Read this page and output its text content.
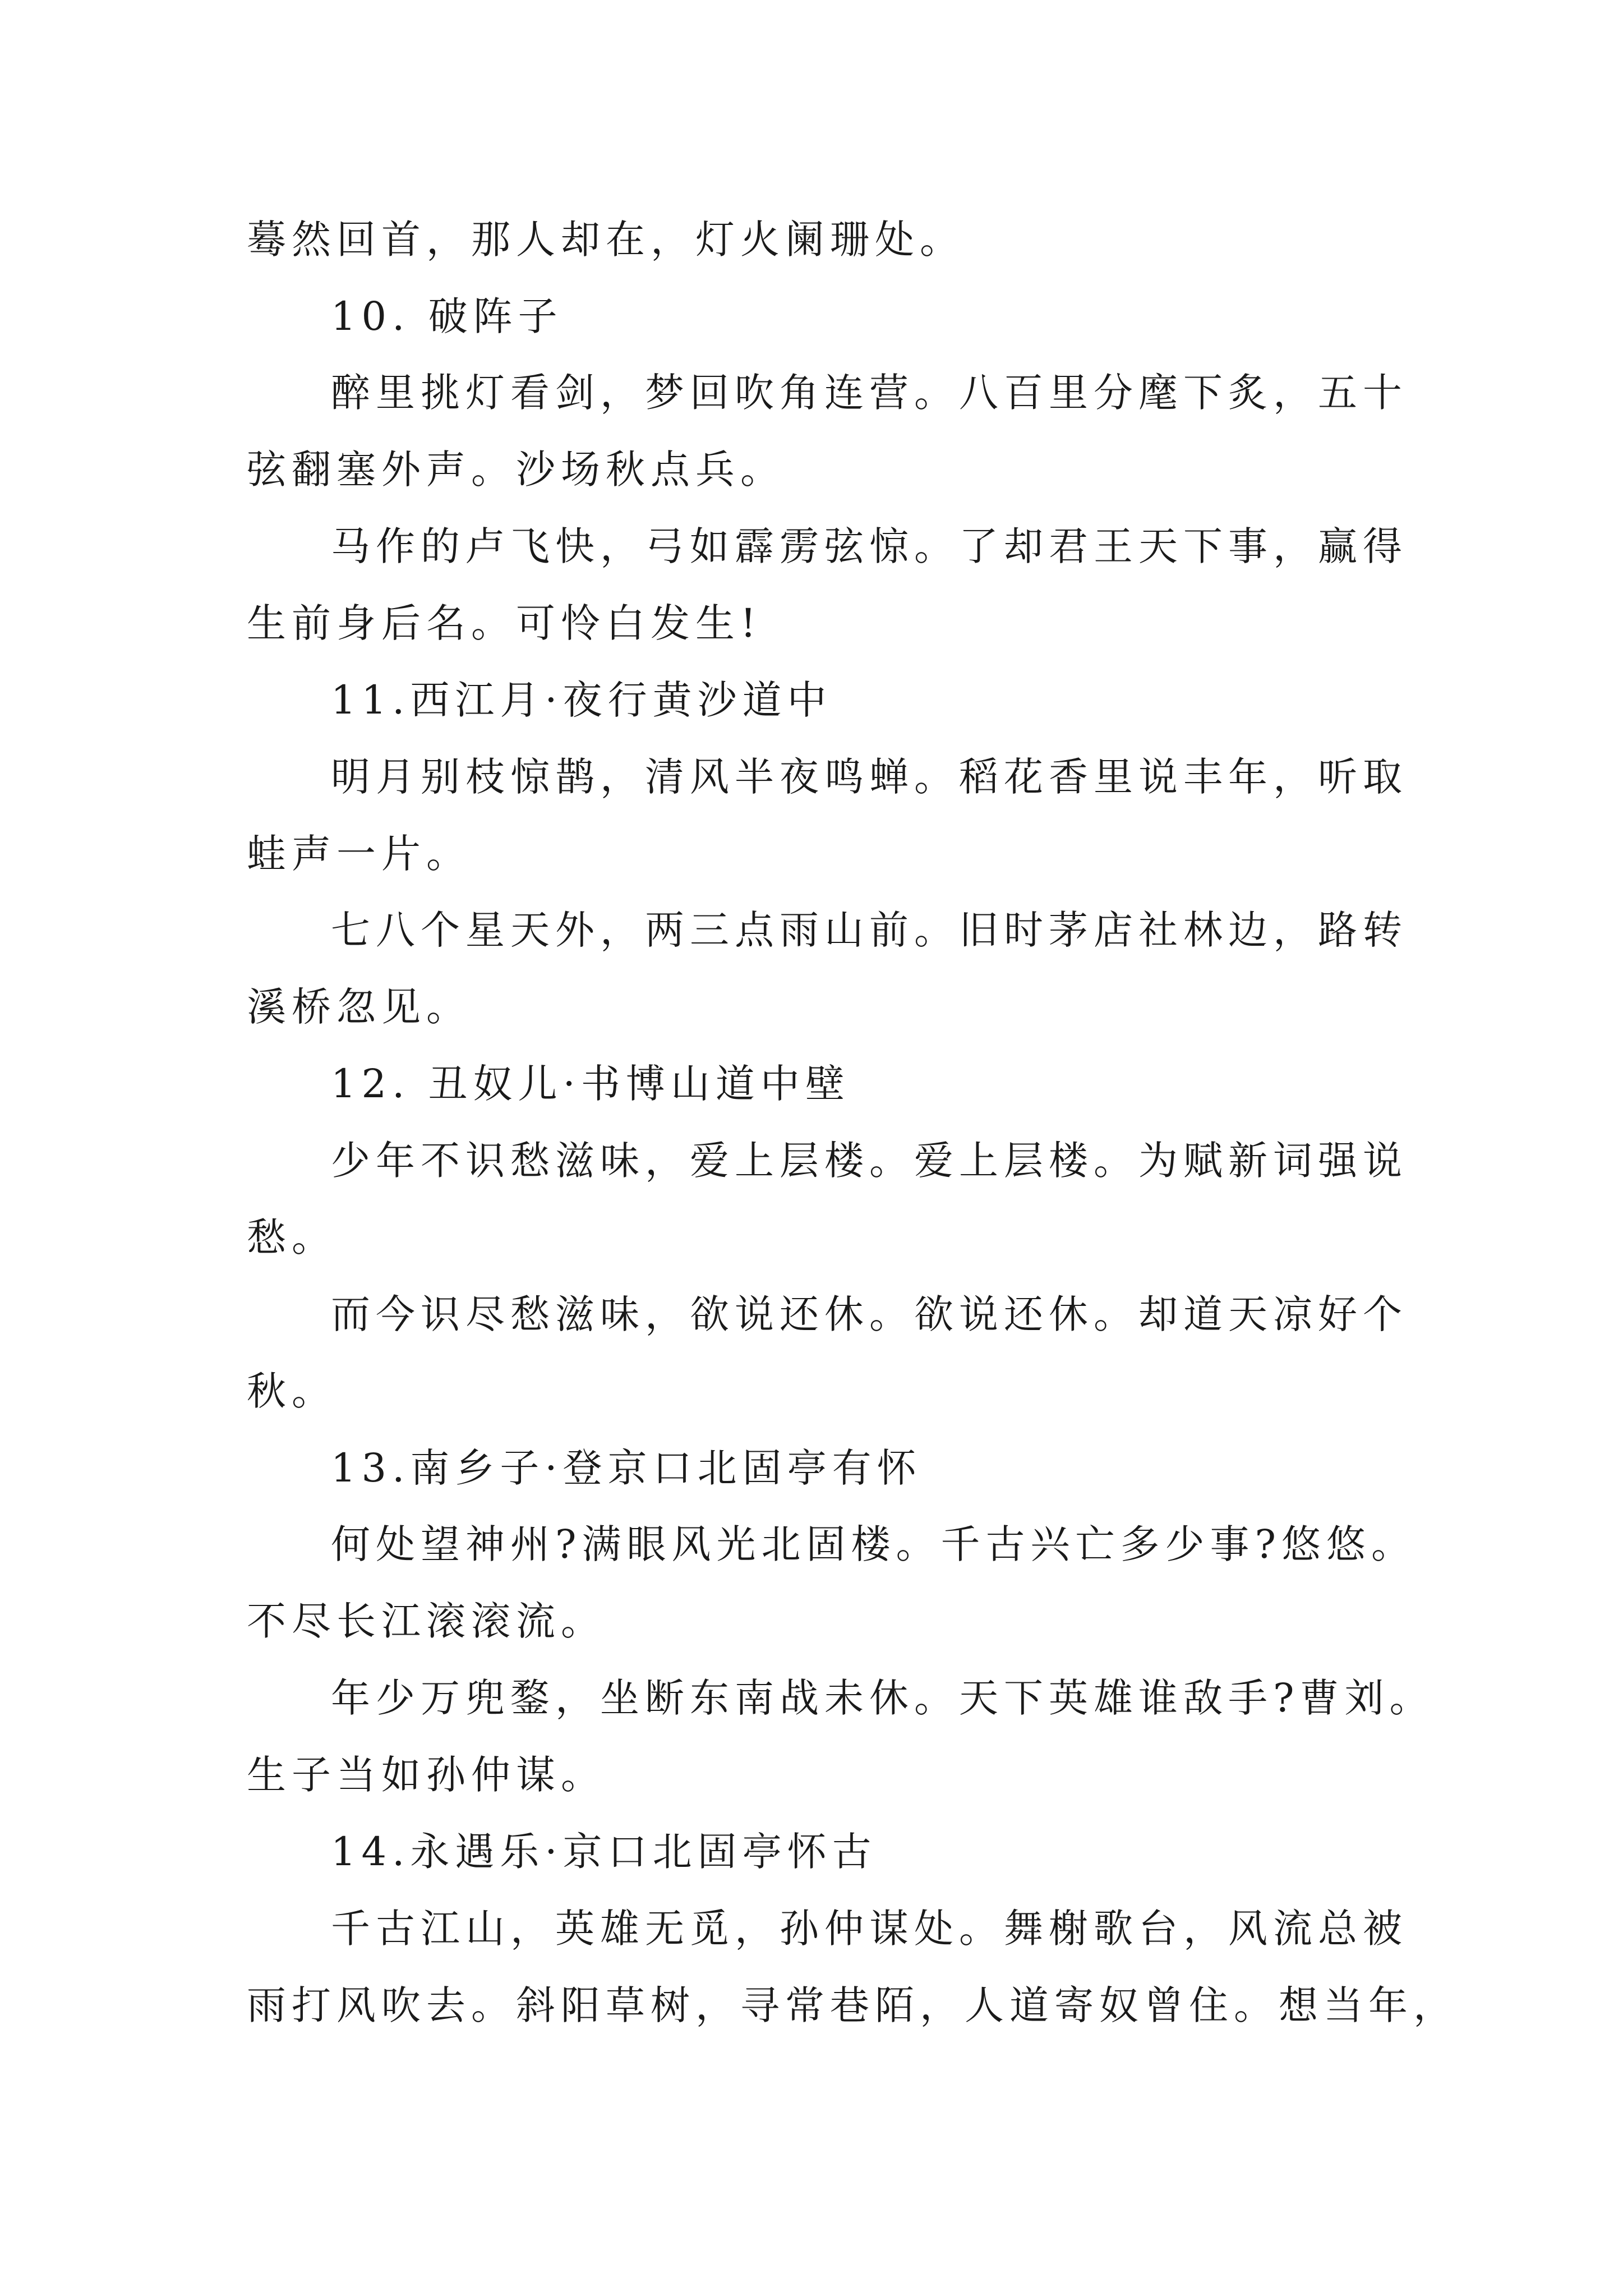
蓦然回首，那人却在，灯火阑珊处。
10. 破阵子
醉里挑灯看剑，梦回吹角连营。八百里分麾下炙，五十
弦翻塞外声。沙场秋点兵。
马作的卢飞快，弓如霹雳弦惊。了却君王天下事，赢得
生前身后名。可怜白发生!
11.西江月·夜行黄沙道中
明月别枝惊鹊，清风半夜鸣蝉。稻花香里说丰年，听取
蛙声一片。
七八个星天外，两三点雨山前。旧时茅店社林边，路转
溪桥忽见。
12. 丑奴儿·书博山道中壁
少年不识愁滋味，爱上层楼。爱上层楼。为赋新词强说
愁。
而今识尽愁滋味，欲说还休。欲说还休。却道天凉好个
秋。
13.南乡子·登京口北固亭有怀
何处望神州?满眼风光北固楼。千古兴亡多少事?悠悠。
不尽长江滚滚流。
年少万兜鍪，坐断东南战未休。天下英雄谁敌手?曹刘。
生子当如孙仲谋。
14.永遇乐·京口北固亭怀古
千古江山，英雄无觅，孙仲谋处。舞榭歌台，风流总被
雨打风吹去。斜阳草树，寻常巷陌，人道寄奴曾住。想当年，
